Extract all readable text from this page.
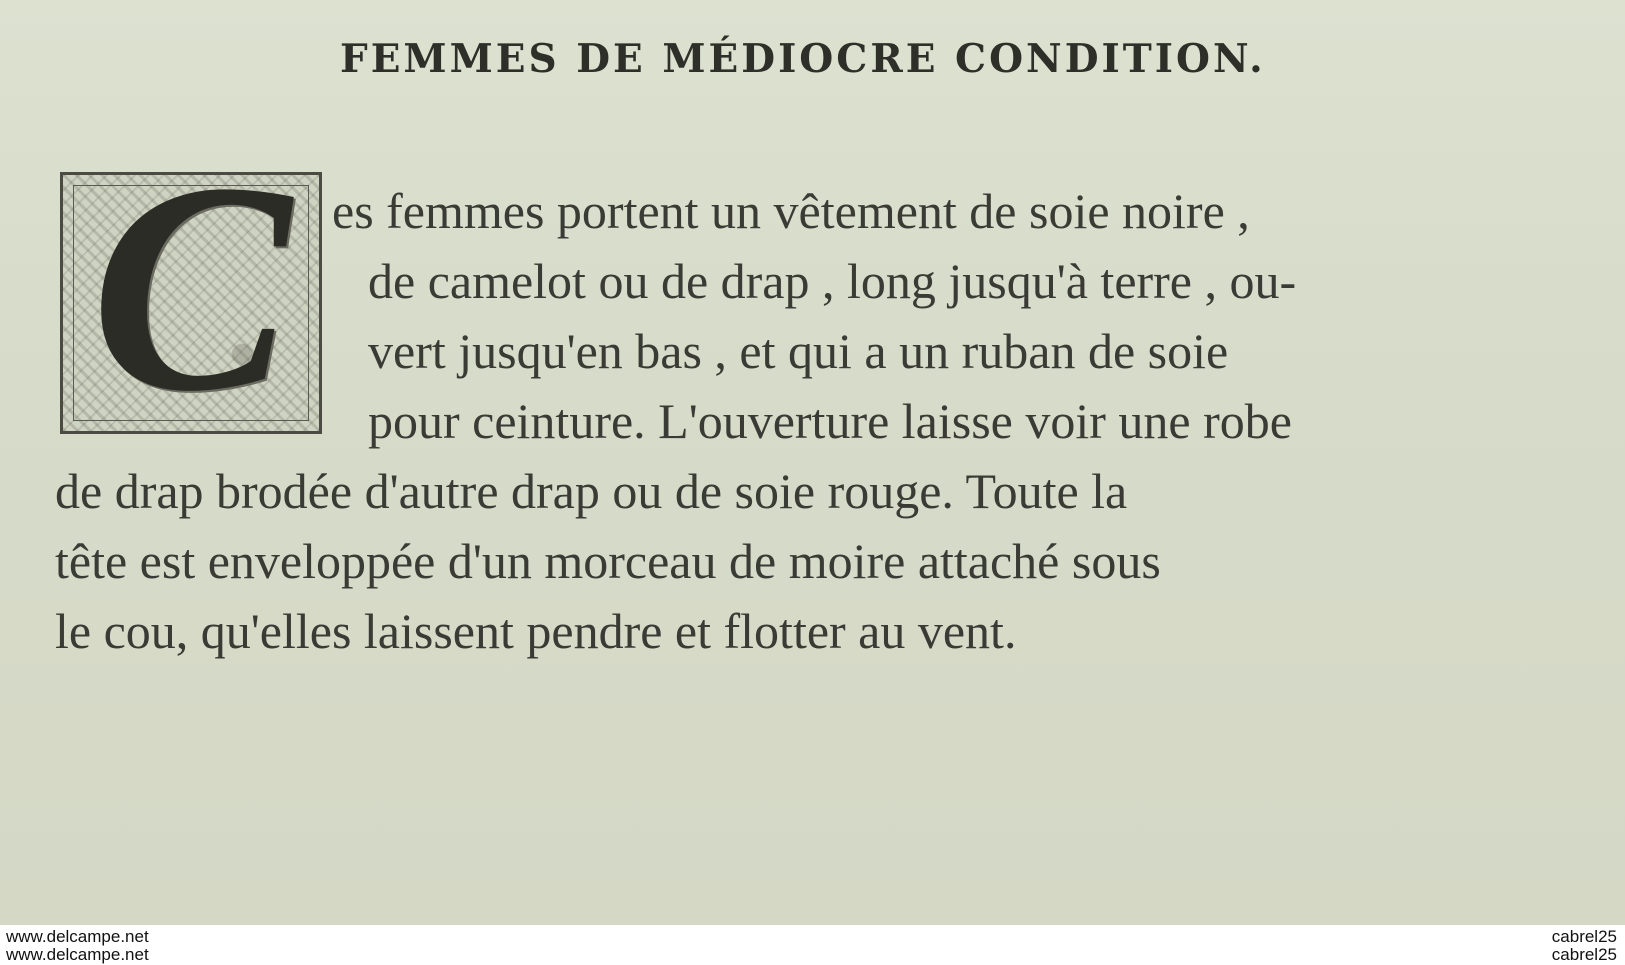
FEMMES DE MÉDIOCRE CONDITION.
C es femmes portent un vêtement de soie noire ,
de camelot ou de drap , long jusqu'à terre , ou-
vert jusqu'en bas , et qui a un ruban de soie
pour ceinture. L'ouverture laisse voir une robe
de drap brodée d'autre drap ou de soie rouge. Toute la
tête est enveloppée d'un morceau de moire attaché sous
le cou, qu'elles laissent pendre et flotter au vent.
www.delcampe.net
www.delcampe.net
cabrel25
cabrel25
